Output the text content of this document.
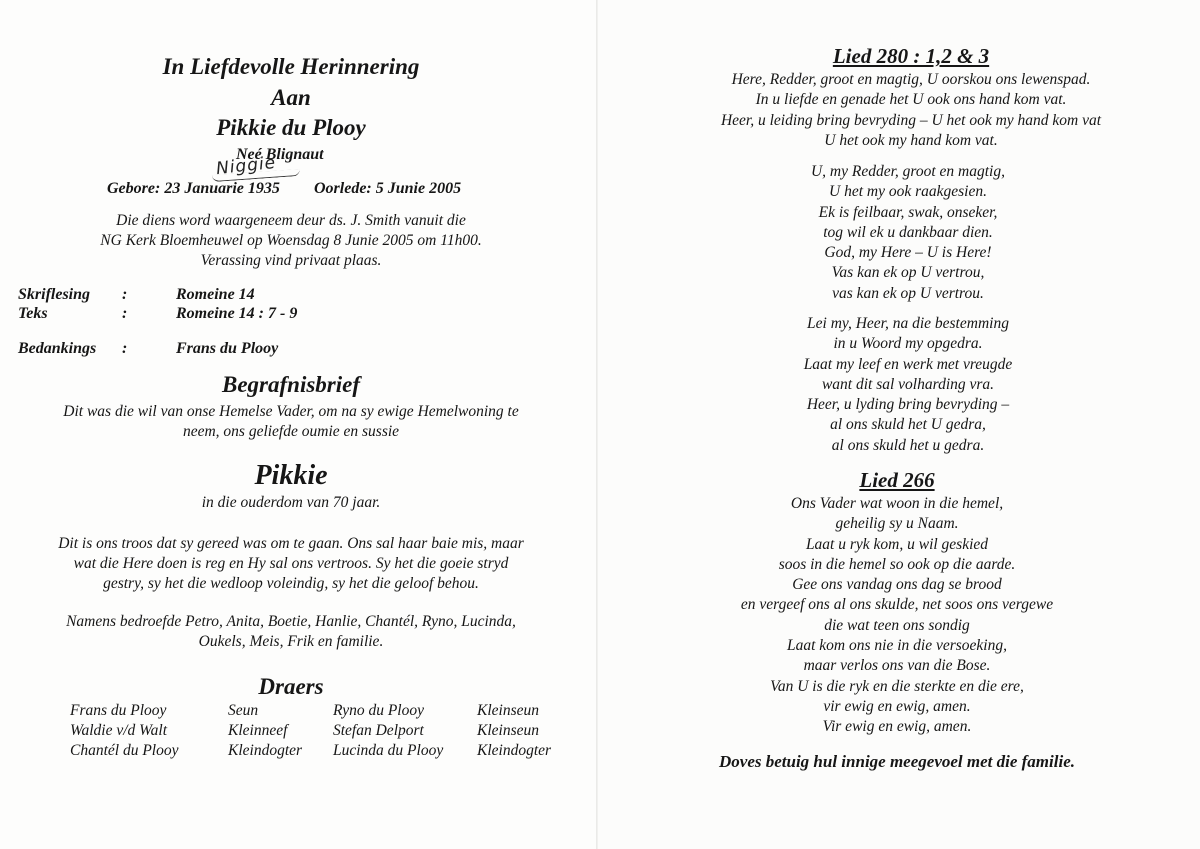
In Liefdevolle Herinnering
Aan
Pikkie du Plooy
Neé Blignaut
Niggie
Gebore: 23 Januarie 1935 Oorlede: 5 Junie 2005
Die diens word waargeneem deur ds. J. Smith vanuit die
NG Kerk Bloemheuwel op Woensdag 8 Junie 2005 om 11h00.
Verassing vind privaat plaas.
Skriflesing :	Romeine 14
Teks	:	Romeine 14 : 7 - 9
Bedankings :	Frans du Plooy
Begrafnisbrief
Dit was die wil van onse Hemelse Vader, om na sy ewige Hemelwoning te
neem, ons geliefde oumie en sussie
Pikkie
in die ouderdom van 70 jaar.
Dit is ons troos dat sy gereed was om te gaan. Ons sal haar baie mis, maar
wat die Here doen is reg en Hy sal ons vertroos. Sy het die goeie stryd
gestry, sy het die wedloop voleindig, sy het die geloof behou.
Namens bedroefde Petro, Anita, Boetie, Hanlie, Chantél, Ryno, Lucinda,
Oukels, Meis, Frik en familie.
Draers
Frans du Plooy	Seun	Ryno du Plooy	Kleinseun
Waldie v/d Walt	Kleinneef	Stefan Delport	Kleinseun
Chantél du Plooy	Kleindogter	Lucinda du Plooy	Kleindogter
Lied 280 : 1,2 & 3
Here, Redder, groot en magtig, U oorskou ons lewenspad.
In u liefde en genade het U ook ons hand kom vat.
Heer, u leiding bring bevryding – U het ook my hand kom vat
U het ook my hand kom vat.
U, my Redder, groot en magtig,
U het my ook raakgesien.
Ek is feilbaar, swak, onseker,
tog wil ek u dankbaar dien.
God, my Here – U is Here!
Vas kan ek op U vertrou,
vas kan ek op U vertrou.
Lei my, Heer, na die bestemming
in u Woord my opgedra.
Laat my leef en werk met vreugde
want dit sal volharding vra.
Heer, u lyding bring bevryding –
al ons skuld het U gedra,
al ons skuld het u gedra.
Lied 266
Ons Vader wat woon in die hemel,
geheilig sy u Naam.
Laat u ryk kom, u wil geskied
soos in die hemel so ook op die aarde.
Gee ons vandag ons dag se brood
en vergeef ons al ons skulde, net soos ons vergewe
die wat teen ons sondig
Laat kom ons nie in die versoeking,
maar verlos ons van die Bose.
Van U is die ryk en die sterkte en die ere,
vir ewig en ewig, amen.
Vir ewig en ewig, amen.
Doves betuig hul innige meegevoel met die familie.
